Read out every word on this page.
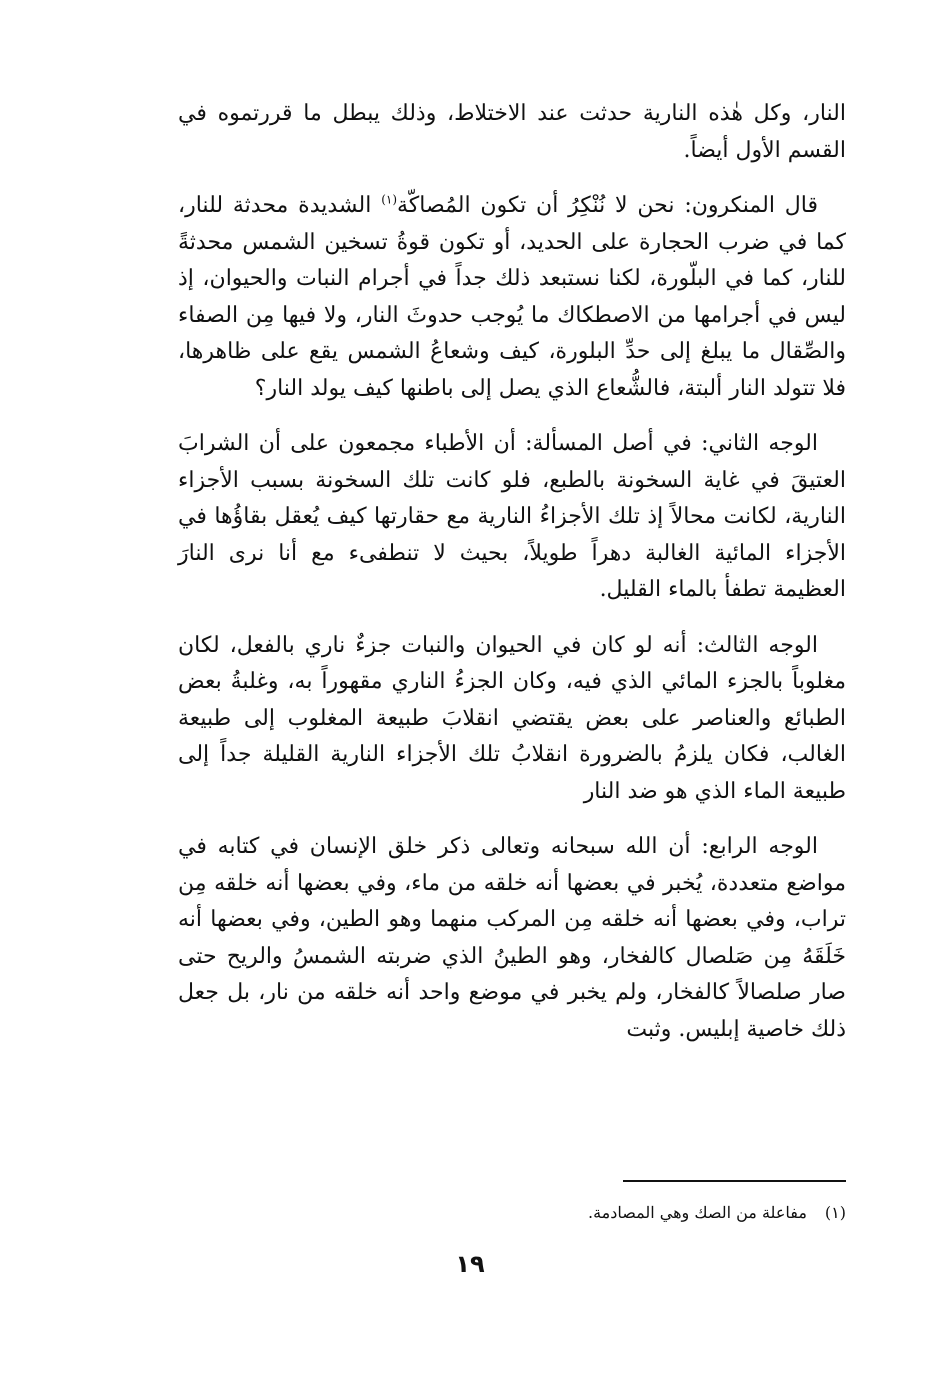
النار، وكل هٰذه النارية حدثت عند الاختلاط، وذلك يبطل ما قررتموه في القسم الأول أيضاً.

قال المنكرون: نحن لا نُنْكِرُ أن تكون المُصاكّة$^{(١)}$ الشديدة محدثة للنار، كما في ضرب الحجارة على الحديد، أو تكون قوةُ تسخين الشمس محدثةً للنار، كما في البلّورة، لكنا نستبعد ذلك جداً في أجرام النبات والحيوان، إذ ليس في أجرامها من الاصطكاك ما يُوجب حدوثَ النار، ولا فيها مِن الصفاء والصِّقال ما يبلغ إلى حدِّ البلورة، كيف وشعاعُ الشمس يقع على ظاهرها، فلا تتولد النار ألبتة، فالشُّعاع الذي يصل إلى باطنها كيف يولد النار؟

الوجه الثاني: في أصل المسألة: أن الأطباء مجمعون على أن الشرابَ العتيقَ في غاية السخونة بالطبع، فلو كانت تلك السخونة بسبب الأجزاء النارية، لكانت محالاً إذ تلك الأجزاءُ النارية مع حقارتها كيف يُعقل بقاؤُها في الأجزاء المائية الغالبة دهراً طويلاً، بحيث لا تنطفىء مع أنا نرى النارَ العظيمة تطفأ بالماء القليل.

الوجه الثالث: أنه لو كان في الحيوان والنبات جزءٌ ناري بالفعل، لكان مغلوباً بالجزء المائي الذي فيه، وكان الجزءُ الناري مقهوراً به، وغلبةُ بعض الطبائع والعناصر على بعض يقتضي انقلابَ طبيعة المغلوب إلى طبيعة الغالب، فكان يلزمُ بالضرورة انقلابُ تلك الأجزاء النارية القليلة جداً إلى طبيعة الماء الذي هو ضد النار

الوجه الرابع: أن الله سبحانه وتعالى ذكر خلق الإنسان في كتابه في مواضع متعددة، يُخبر في بعضها أنه خلقه من ماء، وفي بعضها أنه خلقه مِن تراب، وفي بعضها أنه خلقه مِن المركب منهما وهو الطين، وفي بعضها أنه خَلَقَهُ مِن صَلصال كالفخار، وهو الطينُ الذي ضربته الشمسُ والريح حتى صار صلصالاً كالفخار، ولم يخبر في موضع واحد أنه خلقه من نار، بل جعل ذلك خاصية إبليس. وثبت

(١)مفاعلة من الصك وهي المصادمة.
١٩
